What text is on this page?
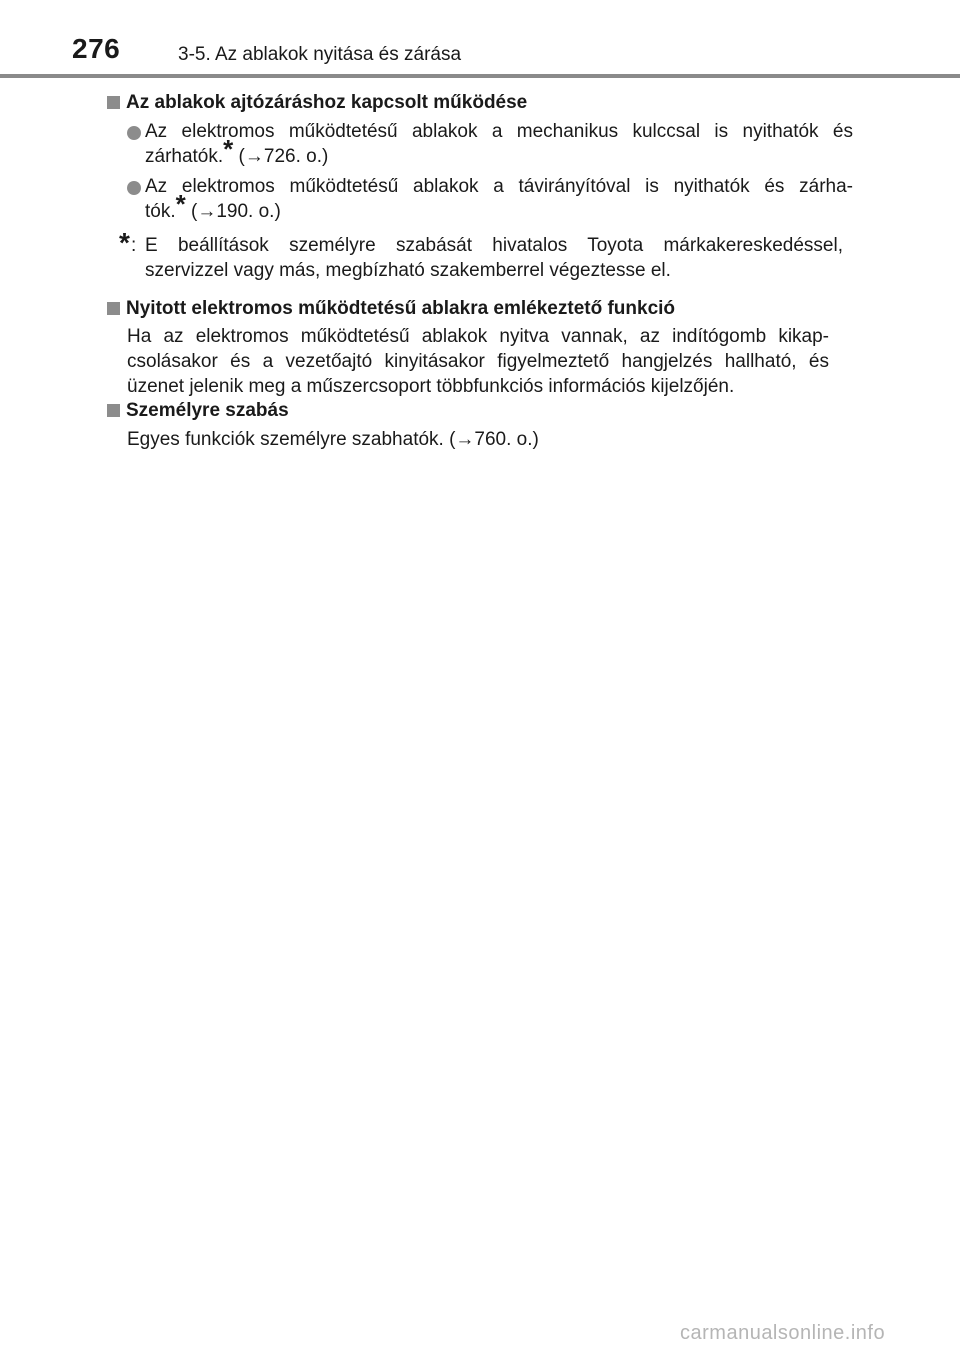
276	3-5. Az ablakok nyitása és zárása
Az ablakok ajtózáráshoz kapcsolt működése
Az elektromos működtetésű ablakok a mechanikus kulccsal is nyithatók és
zárhatók.* (→726. o.)
Az elektromos működtetésű ablakok a távirányítóval is nyithatók és zárha-
tók.* (→190. o.)
* : E beállítások személyre szabását hivatalos Toyota márkakereskedéssel,
szervizzel vagy más, megbízható szakemberrel végeztesse el.
Nyitott elektromos működtetésű ablakra emlékeztető funkció
Ha az elektromos működtetésű ablakok nyitva vannak, az indítógomb kikap-
csolásakor és a vezetőajtó kinyitásakor figyelmeztető hangjelzés hallható, és
üzenet jelenik meg a műszercsoport többfunkciós információs kijelzőjén.
Személyre szabás
Egyes funkciók személyre szabhatók. (→760. o.)
carmanualsonline.info
